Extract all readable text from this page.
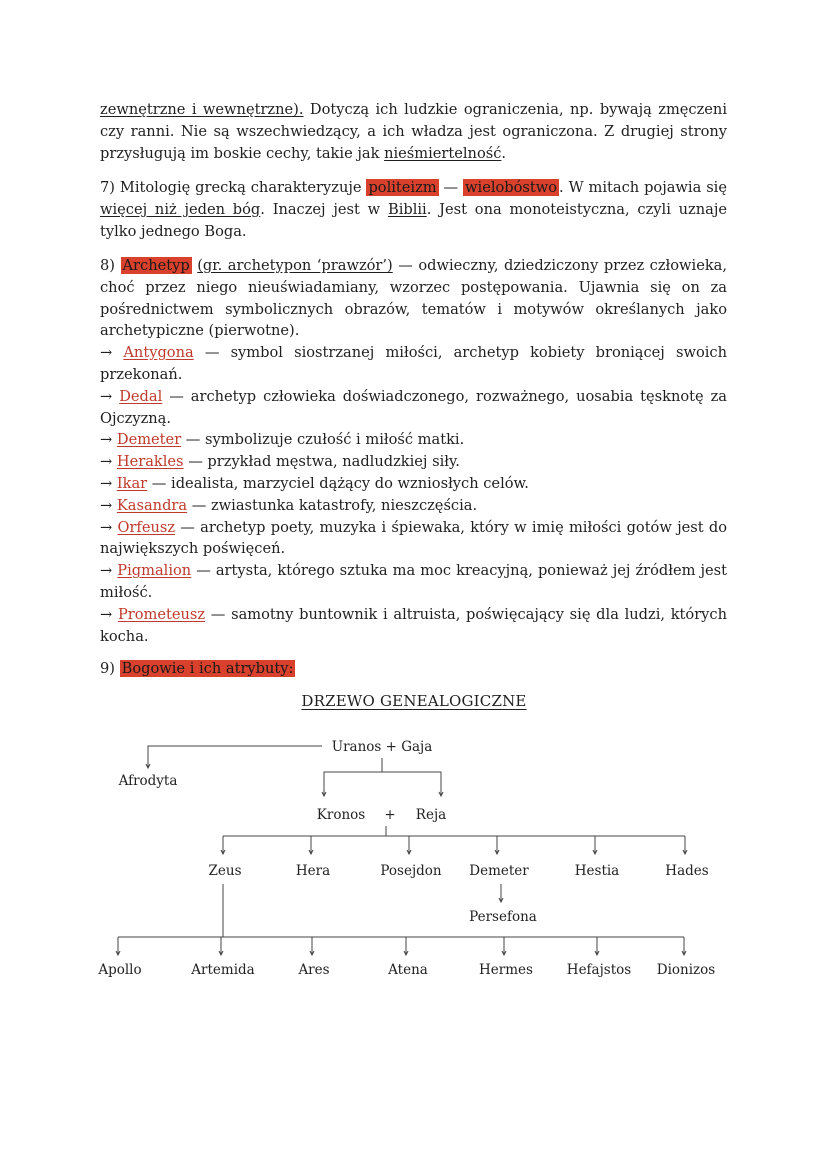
zewnętrzne i wewnętrzne). Dotyczą ich ludzkie ograniczenia, np. bywają zmęczeni czy ranni. Nie są wszechwiedzący, a ich władza jest ograniczona. Z drugiej strony przysługują im boskie cechy, takie jak nieśmiertelność.

7) Mitologię grecką charakteryzuje politeizm — wielobóstwo . W mitach pojawia się więcej niż jeden bóg. Inaczej jest w Biblii. Jest ona monoteistyczna, czyli uznaje tylko jednego Boga.

8) Archetyp (gr. archetypon ‘prawzór’) — odwieczny, dziedziczony przez człowieka, choć przez niego nieuświadamiany, wzorzec postępowania. Ujawnia się on za pośrednictwem symbolicznych obrazów, tematów i motywów określanych jako archetypiczne (pierwotne).

→ Antygona — symbol siostrzanej miłości, archetyp kobiety broniącej swoich przekonań.

→ Dedal — archetyp człowieka doświadczonego, rozważnego, uosabia tęsknotę za Ojczyzną.

→ Demeter — symbolizuje czułość i miłość matki.

→ Herakles — przykład męstwa, nadludzkiej siły.

→ Ikar — idealista, marzyciel dążący do wzniosłych celów.

→ Kasandra — zwiastunka katastrofy, nieszczęścia.

→ Orfeusz — archetyp poety, muzyka i śpiewaka, który w imię miłości gotów jest do największych poświęceń.

→ Pigmalion — artysta, którego sztuka ma moc kreacyjną, ponieważ jej źródłem jest miłość.

→ Prometeusz — samotny buntownik i altruista, poświęcający się dla ludzi, których kocha.

9) Bogowie i ich atrybuty:

DRZEWO GENEALOGICZNE
Uranos + Gaja
Afrodyta
Kronos + Reja
Zeus	Hera	Posejdon Demeter	Hestia	Hades
Persefona
Apollo	Artemida	Ares	Atena	Hermes	Hefajstos Dionizos
